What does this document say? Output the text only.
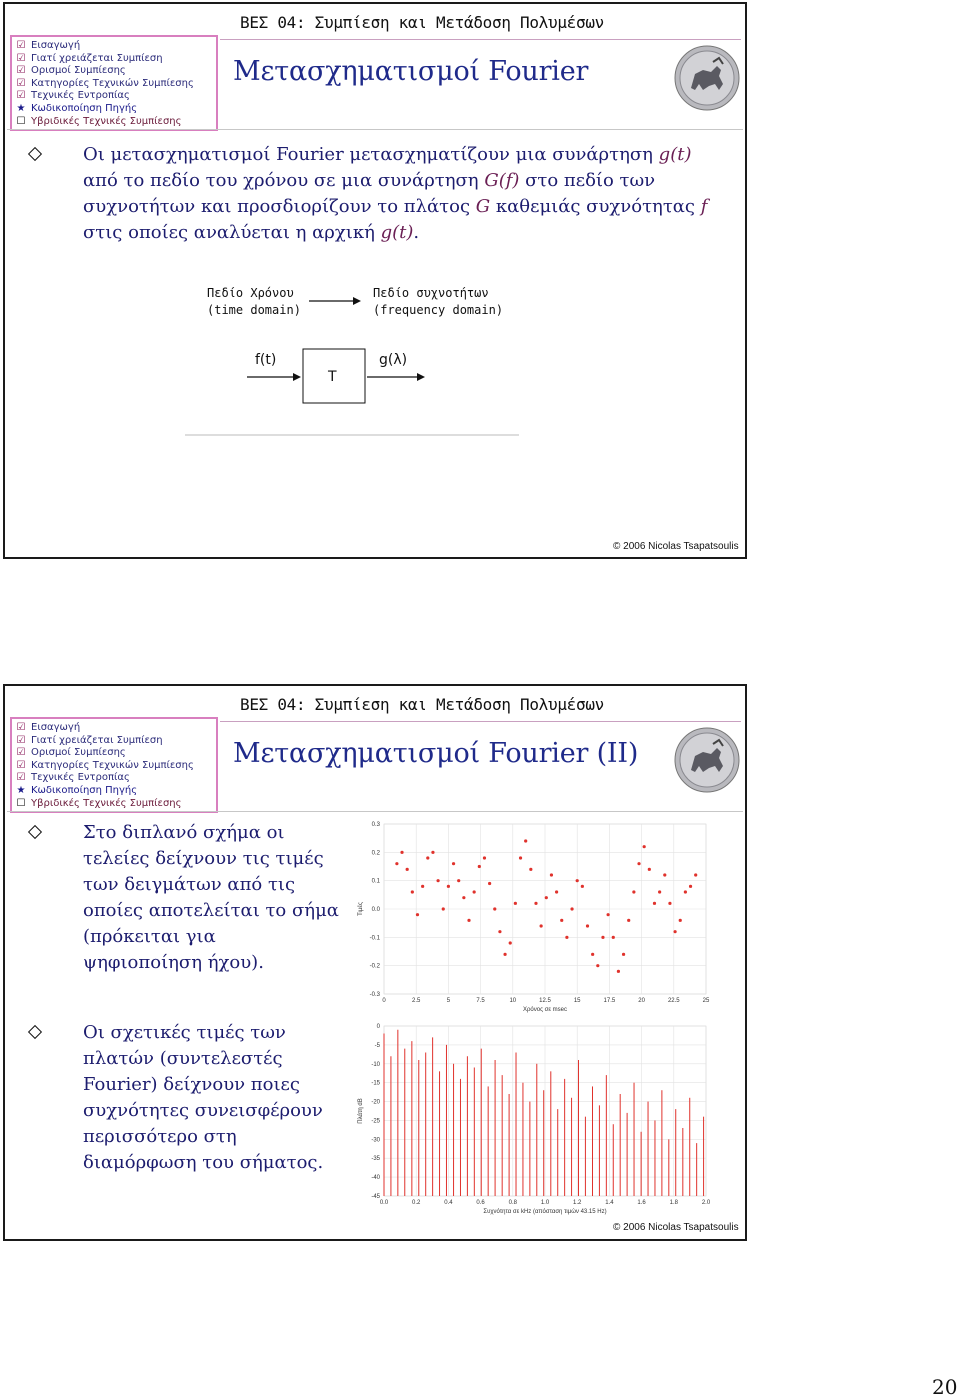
ΒΕΣ 04: Συμπίεση και Μετάδοση Πολυμέσων
☑ Εισαγωγή
☑ Γιατί χρειάζεται Συμπίεση
☑ Ορισμοί Συμπίεσης
☑ Κατηγορίες Τεχνικών Συμπίεσης
☑ Τεχνικές Εντροπίας
★ Κωδικοποίηση Πηγής
☐ Υβριδικές Τεχνικές Συμπίεσης
Μετασχηματισμοί Fourier
Οι μετασχηματισμοί Fourier μετασχηματίζουν μια συνάρτηση g(t) από το πεδίο του χρόνου σε μια συνάρτηση G(f) στο πεδίο των συχνοτήτων και προσδιορίζουν το πλάτος G καθεμιάς συχνότητας f στις οποίες αναλύεται η αρχική g(t).
Πεδίο Χρόνου
(time domain)
Πεδίο συχνοτήτων
(frequency domain)
f(t)
T
g(λ)
© 2006 Nicolas Tsapatsoulis
ΒΕΣ 04: Συμπίεση και Μετάδοση Πολυμέσων
☑ Εισαγωγή
☑ Γιατί χρειάζεται Συμπίεση
☑ Ορισμοί Συμπίεσης
☑ Κατηγορίες Τεχνικών Συμπίεσης
☑ Τεχνικές Εντροπίας
★ Κωδικοποίηση Πηγής
☐ Υβριδικές Τεχνικές Συμπίεσης
Μετασχηματισμοί Fourier (II)
Στο διπλανό σχήμα οι
τελείες δείχνουν τις τιμές
των δειγμάτων από τις
οποίες αποτελείται το σήμα
(πρόκειται για
ψηφιοποίηση ήχου).
Οι σχετικές τιμές των
πλατών (συντελεστές
Fourier) δείχνουν ποιες
συχνότητες συνεισφέρουν
περισσότερο στη
διαμόρφωση του σήματος.
0	2.5	5	7.5	10	12.5	15	17.5	20	22.5	25
0.3
0.2
0.1
0.0
-0.1
-0.2
-0.3
Χρόνος σε msec
Τιμές
0.0	0.2	0.4	0.6	0.8	1.0	1.2	1.4	1.6	1.8	2.0
0
-5
-10
-15
-20
-25
-30
-35
-40
-45
Συχνότητα σε kHz (απόσταση τιμών 43.15 Hz)
Πλάτη dB
© 2006 Nicolas Tsapatsoulis
20
